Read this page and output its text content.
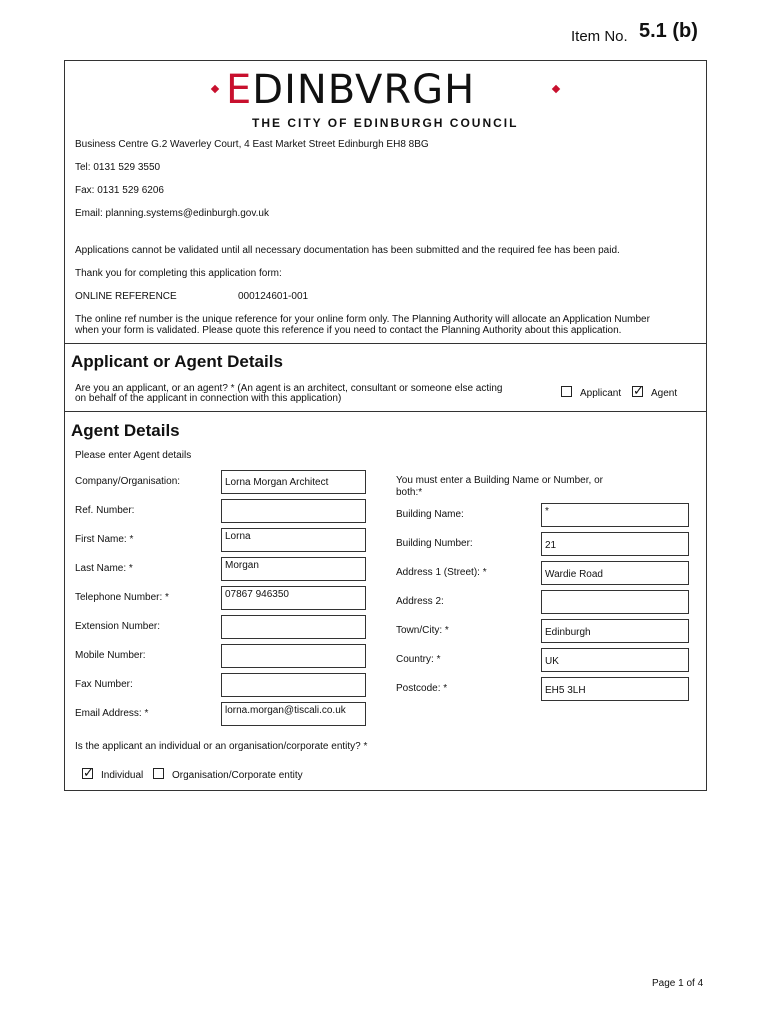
Item No. 5.1 (b)
EDINBVRGH
THE CITY OF EDINBURGH COUNCIL
Business Centre G.2 Waverley Court, 4 East Market Street Edinburgh EH8 8BG
Tel: 0131 529 3550
Fax: 0131 529 6206
Email: planning.systems@edinburgh.gov.uk
Applications cannot be validated until all necessary documentation has been submitted and the required fee has been paid.
Thank you for completing this application form:
ONLINE REFERENCE	000124601-001
The online ref number is the unique reference for your online form only. The Planning Authority will allocate an Application Number
when your form is validated. Please quote this reference if you need to contact the Planning Authority about this application.
Applicant or Agent Details
Are you an applicant, or an agent? * (An agent is an architect, consultant or someone else acting
on behalf of the applicant in connection with this application)	Applicant ✓ Agent
Agent Details
Please enter Agent details
Company/Organisation:	Lorna Morgan Architect
Ref. Number:
First Name: *	Lorna
Last Name: *	Morgan
Telephone Number: *	07867 946350
Extension Number:
Mobile Number:
Fax Number:
Email Address: *	lorna.morgan@tiscali.co.uk
You must enter a Building Name or Number, or both:*
Building Name:	*
Building Number:	21
Address 1 (Street): *	Wardie Road
Address 2:
Town/City: *	Edinburgh
Country: *	UK
Postcode: *	EH5 3LH
Is the applicant an individual or an organisation/corporate entity? *
✓ Individual	Organisation/Corporate entity
Page 1 of 4
